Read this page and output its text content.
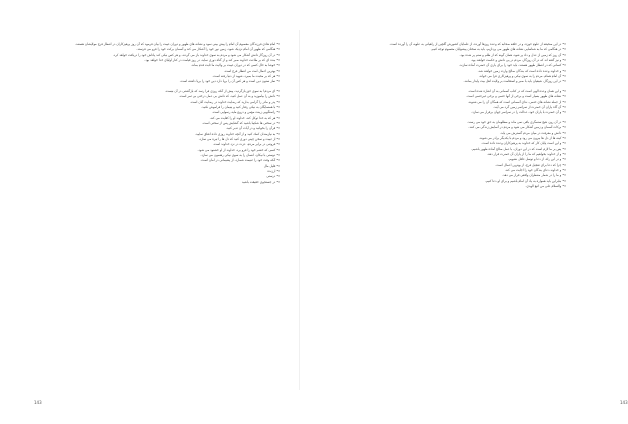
«• امام هادی فرزندگان معصوم آن امام را پیش بینی نمود و نشانه های ظهور و دوران غیبت را بیان فرمود که آن روز پرهیزکاران در انتظار فرج مولایشان هستند.

«• هنگامی که ظهور آن امام نزدیک شود، زمین نور خود را آشکار می کند و آسمان برکت خود را فرو می فرستد.

«• در آن روزگار دانش آشکار می شود و مردم به سوی خداوند باز می گردند، و هر کس نیکی کند پاداش خود را دریافت خواهد کرد.

«• بنده ای که بر طاعت خداوند صبر کند و از گناه دوری نماید، در روز قیامت در کنار اولیای خدا خواهد بود.

«• خوشا به حال کسی که در دوران غیبت بر ولایت ما ثابت قدم بماند.

«• بهترین اعمال امت من انتظار فرج است.

«• هر که بر محبت ما بمیرد، شهید از دنیا رفته است.

«• نماز ستون دین است و هر کس آن را برپا دارد دین خود را برپا داشته است.

«• ای مردم! به سوی حق بازگردید، پیش از آنکه روزی فرا رسد که بازگشتی در آن نیست.

«• دانش را بیاموزید و به آن عمل کنید، که دانش بی عمل درختی بی ثمر است.

«• پدر و مادر را گرامی بدارید که رضایت خداوند در رضایت آنان است.

«• با همسایگان به نیکی رفتار کنید و یتیمان را فراموش نکنید.

«• راستگویی زینت مؤمن و دروغ مایه رسوایی است.

«• هر که به خدا توکل کند، خداوند او را کفایت می کند.

«• در سختی ها شکیبا باشید که گشایش پس از سختی است.

«• قرآن را بخوانید و در آیات آن تدبر کنید.

«• به نیازمندان کمک کنید و از آنچه خداوند روزی داده انفاق نمایید.

«• از غیبت و سخن چینی دوری کنید که دل ها را تیره می سازد.

«• فروتنی در برابر مردم، عزت در نزد خداوند است.

«• کسی که خشم خود را فرو برد، خداوند از او خشنود می شود.

«• دوستی با نیکان، انسان را به سوی نیکی رهنمون می سازد.

«• آنکه وقت خود را غنیمت شمارد، از پشیمانی در امان است.

«• قلیل مال

«• ارزنده

«• درستی

«• در جستجوی حقیقت باشید

143

«• در این صحیفه از علوم حوزه، و در حلقه صحابه که وعده روزها آورده، از علمایان کشورش گلچین از راهیانی به علویه آن را آورده است.

«• در هنگامی که ما به شناسایی نشانه های ظهور می پردازیم، باید به سخنان پیشوایان معصوم توجه کنیم.

«• آن روز که زمین از عدل و داد پر شود، همان گونه که از ظلم و ستم پر شده بود.

«• و نیز گفته اند که در آن روزگار، مردم در پی دانش و حکمت خواهند بود.

«• کسانی که در انتظار ظهور هستند، باید خود را برای یاری آن حضرت آماده سازند.

«• و خداوند وعده داده است که بندگان صالح وارث زمین خواهند شد.

«• آن امام همام، مردم را به سوی نیکی و پرهیزکاری فرا می خواند.

«• در این روزگار، شیعیان باید با صبر و استقامت بر ولایت اهل بیت پایدار بمانند.

«• و این همان وعده الهی است که در کتاب آسمانی به آن اشاره شده است.

«• نشانه های ظهور بسیار است و برخی از آنها حتمی و برخی غیرحتمی است.

«• از جمله نشانه های حتمی، ندای آسمانی است که همگان آن را می شنوند.

«• آن گاه یاران آن حضرت از سراسر زمین گرد می آیند.

«• و آن حضرت با یاران خود، عدالت را در سراسر جهان برقرار می سازد.

«• در آن روز، هیچ ستمگری باقی نمی ماند و مظلومان به حق خود می رسند.

«• برکات آسمان و زمین آشکار می شود و مردم در آسایش زندگی می کنند.

«• دانش و معرفت در میان مردم گسترش می یابد.

«• کینه ها از دل ها بیرون می رود و مردم با یکدیگر برادر می شوند.

«• و این است پایان کار که خداوند به پرهیزکاران وعده داده است.

«• پس بر ما لازم است که در این دوران، با عمل صالح آماده ظهور باشیم.

«• و از خداوند بخواهیم که ما را از یاران آن حضرت قرار دهد.

«• و در این راه، از دعا و توسل غافل نشویم.

«• چرا که دعا برای تعجیل فرج، از بهترین اعمال است.

«• و خداوند دعای بندگان خود را اجابت می کند.

«• و ما را در شمار منتظران واقعی قرار می دهد.

«• بنابراین باید همواره به یاد آن امام باشیم و برای او دعا کنیم.

«• والسلام علی من اتبع الهدی.

143
